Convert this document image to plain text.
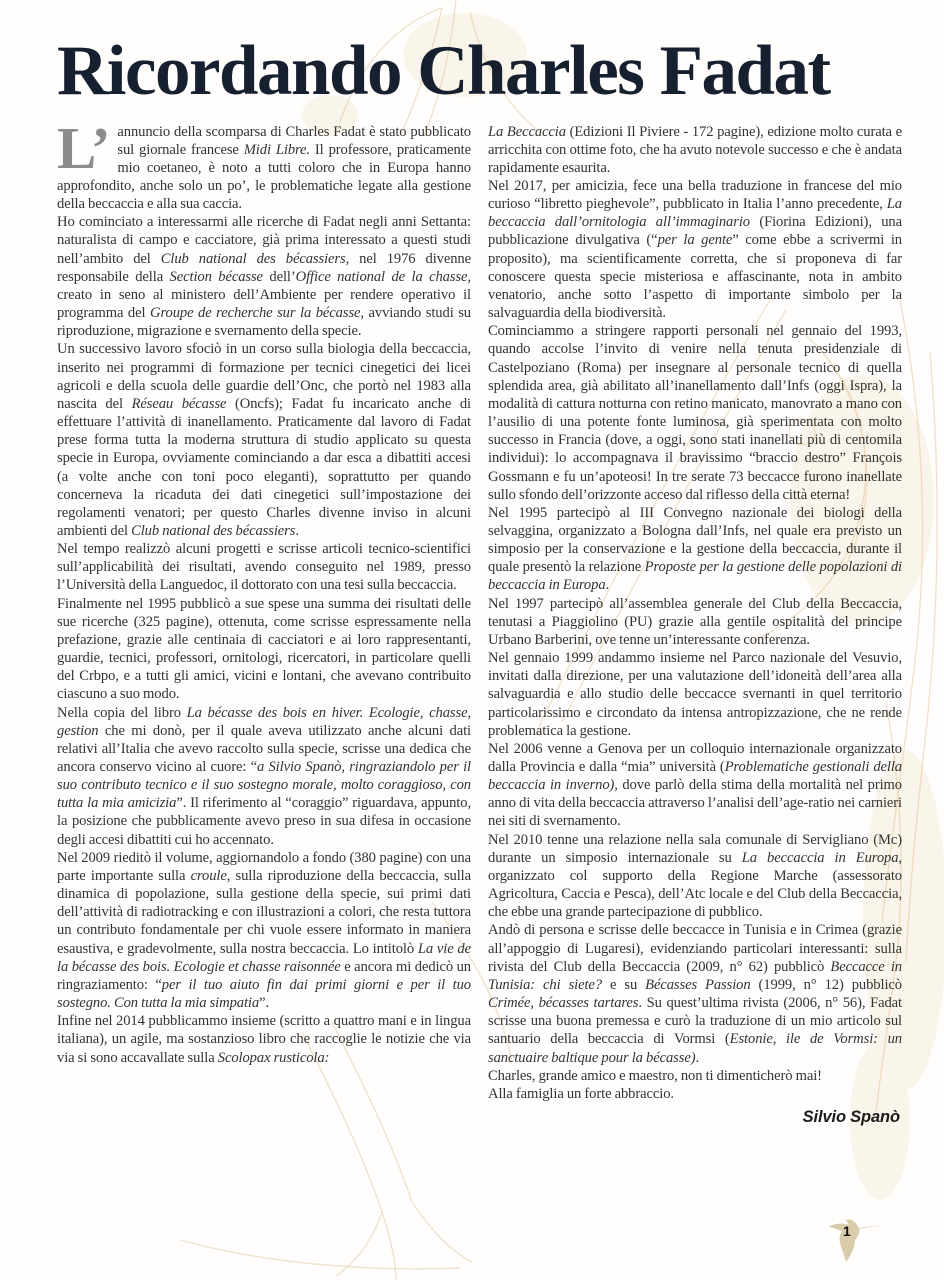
Ricordando Charles Fadat

L’ annuncio della scomparsa di Charles Fadat è stato pubblicato sul giornale francese Midi Libre. Il professore, praticamente mio coetaneo, è noto a tutti coloro che in Europa hanno approfondito, anche solo un po’, le problematiche legate alla gestione della beccaccia e alla sua caccia.

Ho cominciato a interessarmi alle ricerche di Fadat negli anni Settanta: naturalista di campo e cacciatore, già prima interessato a questi studi nell’ambito del Club national des bécassiers, nel 1976 divenne responsabile della Section bécasse dell’Office national de la chasse, creato in seno al ministero dell’Ambiente per rendere operativo il programma del Groupe de recherche sur la bécasse, avviando studi su riproduzione, migrazione e svernamento della specie.

Un successivo lavoro sfociò in un corso sulla biologia della beccaccia, inserito nei programmi di formazione per tecnici cinegetici dei licei agricoli e della scuola delle guardie dell’Onc, che portò nel 1983 alla nascita del Réseau bécasse (Oncfs); Fadat fu incaricato anche di effettuare l’attività di inanellamento. Praticamente dal lavoro di Fadat prese forma tutta la moderna struttura di studio applicato su questa specie in Europa, ovviamente cominciando a dar esca a dibattiti accesi (a volte anche con toni poco eleganti), soprattutto per quando concerneva la ricaduta dei dati cinegetici sull’impostazione dei regolamenti venatori; per questo Charles divenne inviso in alcuni ambienti del Club national des bécassiers.

Nel tempo realizzò alcuni progetti e scrisse articoli tecnico-scientifici sull’applicabilità dei risultati, avendo conseguito nel 1989, presso l’Università della Languedoc, il dottorato con una tesi sulla beccaccia.

Finalmente nel 1995 pubblicò a sue spese una summa dei risultati delle sue ricerche (325 pagine), ottenuta, come scrisse espressamente nella prefazione, grazie alle centinaia di cacciatori e ai loro rappresentanti, guardie, tecnici, professori, ornitologi, ricercatori, in particolare quelli del Crbpo, e a tutti gli amici, vicini e lontani, che avevano contribuito ciascuno a suo modo.

Nella copia del libro La bécasse des bois en hiver. Ecologie, chasse, gestion che mi donò, per il quale aveva utilizzato anche alcuni dati relativi all’Italia che avevo raccolto sulla specie, scrisse una dedica che ancora conservo vicino al cuore: “a Silvio Spanò, ringraziandolo per il suo contributo tecnico e il suo sostegno morale, molto coraggioso, con tutta la mia amicizia”. Il riferimento al “coraggio” riguardava, appunto, la posizione che pubblicamente avevo preso in sua difesa in occasione degli accesi dibattiti cui ho accennato.

Nel 2009 rieditò il volume, aggiornandolo a fondo (380 pagine) con una parte importante sulla croule, sulla riproduzione della beccaccia, sulla dinamica di popolazione, sulla gestione della specie, sui primi dati dell’attività di radiotracking e con illustrazioni a colori, che resta tuttora un contributo fondamentale per chi vuole essere informato in maniera esaustiva, e gradevolmente, sulla nostra beccaccia. Lo intitolò La vie de la bécasse des bois. Ecologie et chasse raisonnée e ancora mi dedicò un ringraziamento: “per il tuo aiuto fin dai primi giorni e per il tuo sostegno. Con tutta la mia simpatia”.

Infine nel 2014 pubblicammo insieme (scritto a quattro mani e in lingua italiana), un agile, ma sostanzioso libro che raccoglie le notizie che via via si sono accavallate sulla Scolopax rusticola:

La Beccaccia (Edizioni Il Piviere - 172 pagine), edizione molto curata e arricchita con ottime foto, che ha avuto notevole successo e che è andata rapidamente esaurita.

Nel 2017, per amicizia, fece una bella traduzione in francese del mio curioso “libretto pieghevole”, pubblicato in Italia l’anno precedente, La beccaccia dall’ornitologia all’immaginario (Fiorina Edizioni), una pubblicazione divulgativa (“per la gente” come ebbe a scrivermi in proposito), ma scientificamente corretta, che si proponeva di far conoscere questa specie misteriosa e affascinante, nota in ambito venatorio, anche sotto l’aspetto di importante simbolo per la salvaguardia della biodiversità.

Cominciammo a stringere rapporti personali nel gennaio del 1993, quando accolse l’invito di venire nella tenuta presidenziale di Castelpoziano (Roma) per insegnare al personale tecnico di quella splendida area, già abilitato all’inanellamento dall’Infs (oggi Ispra), la modalità di cattura notturna con retino manicato, manovrato a mano con l’ausilio di una potente fonte luminosa, già sperimentata con molto successo in Francia (dove, a oggi, sono stati inanellati più di centomila individui): lo accompagnava il bravissimo “braccio destro” François Gossmann e fu un’apoteosi! In tre serate 73 beccacce furono inanellate sullo sfondo dell’orizzonte acceso dal riflesso della città eterna!

Nel 1995 partecipò al III Convegno nazionale dei biologi della selvaggina, organizzato a Bologna dall’Infs, nel quale era previsto un simposio per la conservazione e la gestione della beccaccia, durante il quale presentò la relazione Proposte per la gestione delle popolazioni di beccaccia in Europa.

Nel 1997 partecipò all’assemblea generale del Club della Beccaccia, tenutasi a Piaggiolino (PU) grazie alla gentile ospitalità del principe Urbano Barberini, ove tenne un’interessante conferenza.

Nel gennaio 1999 andammo insieme nel Parco nazionale del Vesuvio, invitati dalla direzione, per una valutazione dell’idoneità dell’area alla salvaguardia e allo studio delle beccacce svernanti in quel territorio particolarissimo e circondato da intensa antropizzazione, che ne rende problematica la gestione.

Nel 2006 venne a Genova per un colloquio internazionale organizzato dalla Provincia e dalla “mia” università (Problematiche gestionali della beccaccia in inverno), dove parlò della stima della mortalità nel primo anno di vita della beccaccia attraverso l’analisi dell’age-ratio nei carnieri nei siti di svernamento.

Nel 2010 tenne una relazione nella sala comunale di Servigliano (Mc) durante un simposio internazionale su La beccaccia in Europa, organizzato col supporto della Regione Marche (assessorato Agricoltura, Caccia e Pesca), dell’Atc locale e del Club della Beccaccia, che ebbe una grande partecipazione di pubblico.

Andò di persona e scrisse delle beccacce in Tunisia e in Crimea (grazie all’appoggio di Lugaresi), evidenziando particolari interessanti: sulla rivista del Club della Beccaccia (2009, n° 62) pubblicò Beccacce in Tunisia: chi siete? e su Bécasses Passion (1999, n° 12) pubblicò Crimée, bécasses tartares. Su quest’ultima rivista (2006, n° 56), Fadat scrisse una buona premessa e curò la traduzione di un mio articolo sul santuario della beccaccia di Vormsi (Estonie, ile de Vormsi: un sanctuaire baltique pour la bécasse).

Charles, grande amico e maestro, non ti dimenticherò mai!

Alla famiglia un forte abbraccio.

Silvio Spanò
1
